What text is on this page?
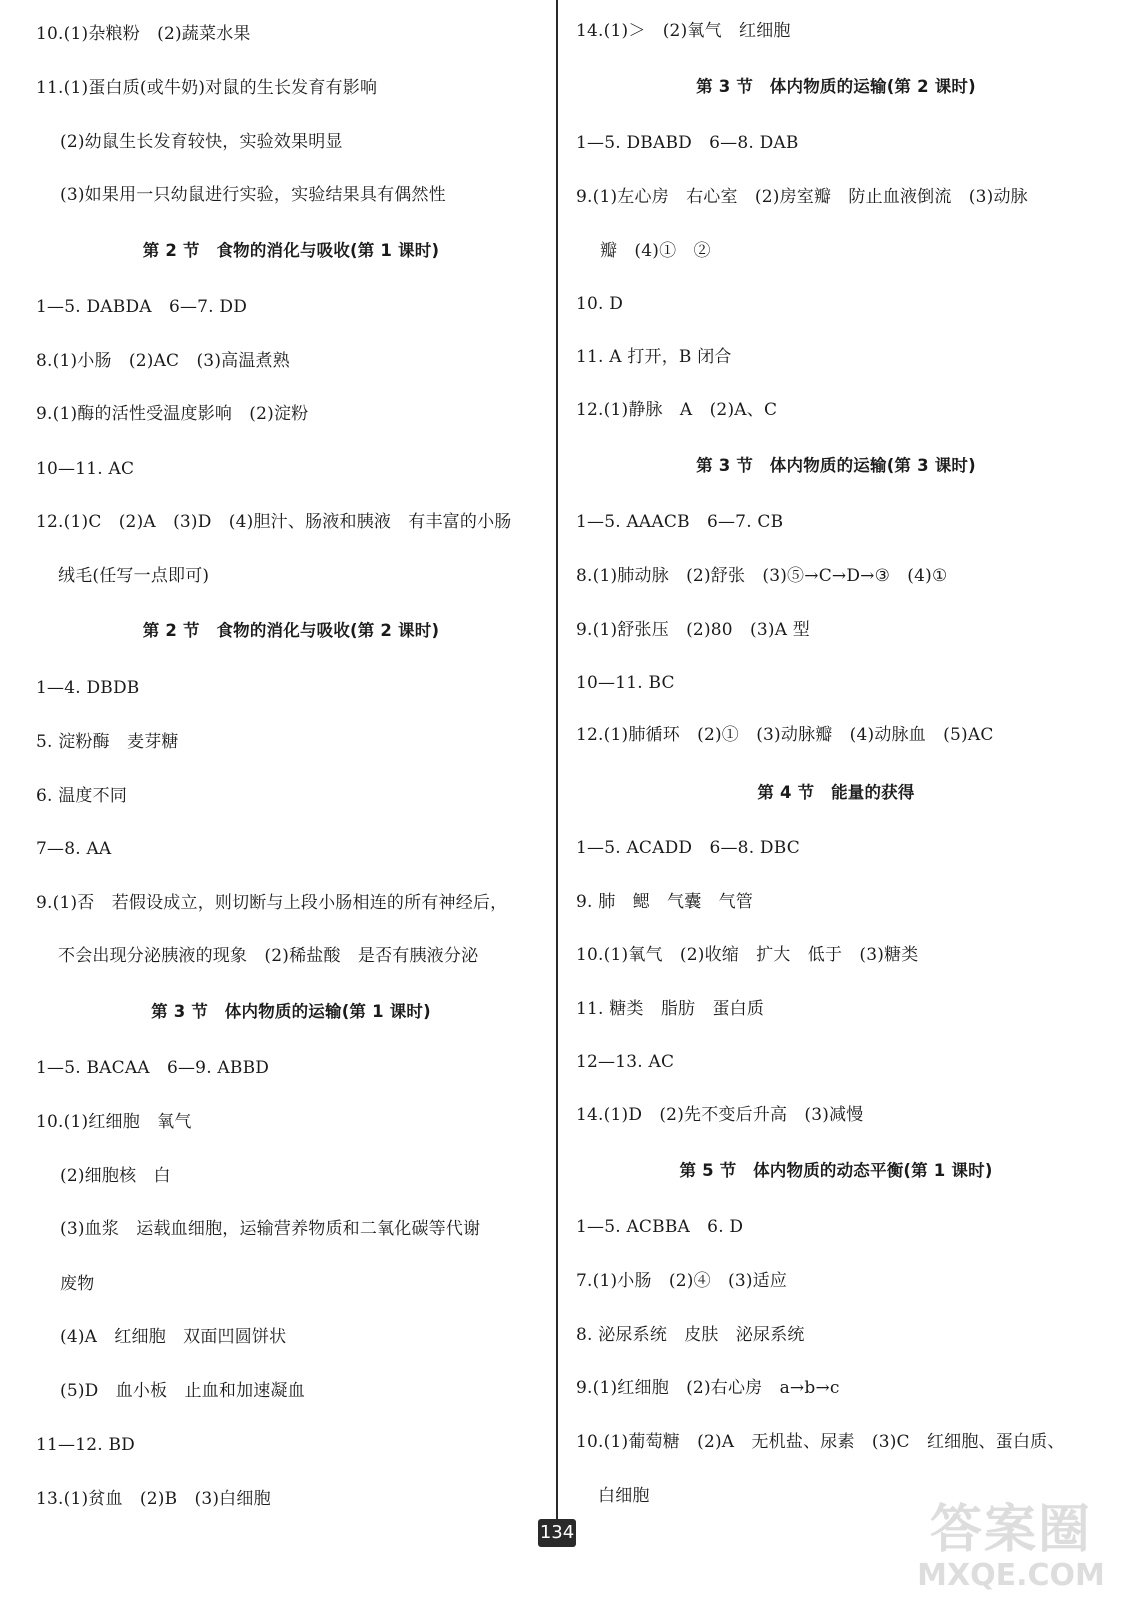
10.(1)杂粮粉　(2)蔬菜水果
11.(1)蛋白质(或牛奶)对鼠的生长发育有影响
(2)幼鼠生长发育较快，实验效果明显
(3)如果用一只幼鼠进行实验，实验结果具有偶然性
第 2 节　食物的消化与吸收(第 1 课时)
1—5. DABDA　6—7. DD
8.(1)小肠　(2)AC　(3)高温煮熟
9.(1)酶的活性受温度影响　(2)淀粉
10—11. AC
12.(1)C　(2)A　(3)D　(4)胆汁、肠液和胰液　有丰富的小肠
绒毛(任写一点即可)
第 2 节　食物的消化与吸收(第 2 课时)
1—4. DBDB
5. 淀粉酶　麦芽糖
6. 温度不同
7—8. AA
9.(1)否　若假设成立，则切断与上段小肠相连的所有神经后，
不会出现分泌胰液的现象　(2)稀盐酸　是否有胰液分泌
第 3 节　体内物质的运输(第 1 课时)
1—5. BACAA　6—9. ABBD
10.(1)红细胞　氧气
(2)细胞核　白
(3)血浆　运载血细胞，运输营养物质和二氧化碳等代谢
废物
(4)A　红细胞　双面凹圆饼状
(5)D　血小板　止血和加速凝血
11—12. BD
13.(1)贫血　(2)B　(3)白细胞
14.(1)＞　(2)氧气　红细胞
第 3 节　体内物质的运输(第 2 课时)
1—5. DBABD　6—8. DAB
9.(1)左心房　右心室　(2)房室瓣　防止血液倒流　(3)动脉
瓣　(4)①　②
10. D
11. A 打开，B 闭合
12.(1)静脉　A　(2)A、C
第 3 节　体内物质的运输(第 3 课时)
1—5. AAACB　6—7. CB
8.(1)肺动脉　(2)舒张　(3)⑤→C→D→③　(4)①
9.(1)舒张压　(2)80　(3)A 型
10—11. BC
12.(1)肺循环　(2)①　(3)动脉瓣　(4)动脉血　(5)AC
第 4 节　能量的获得
1—5. ACADD　6—8. DBC
9. 肺　鳃　气囊　气管
10.(1)氧气　(2)收缩　扩大　低于　(3)糖类
11. 糖类　脂肪　蛋白质
12—13. AC
14.(1)D　(2)先不变后升高　(3)减慢
第 5 节　体内物质的动态平衡(第 1 课时)
1—5. ACBBA　6. D
7.(1)小肠　(2)④　(3)适应
8. 泌尿系统　皮肤　泌尿系统
9.(1)红细胞　(2)右心房　a→b→c
10.(1)葡萄糖　(2)A　无机盐、尿素　(3)C　红细胞、蛋白质、
白细胞
134	答案圈
MXQE.COM
